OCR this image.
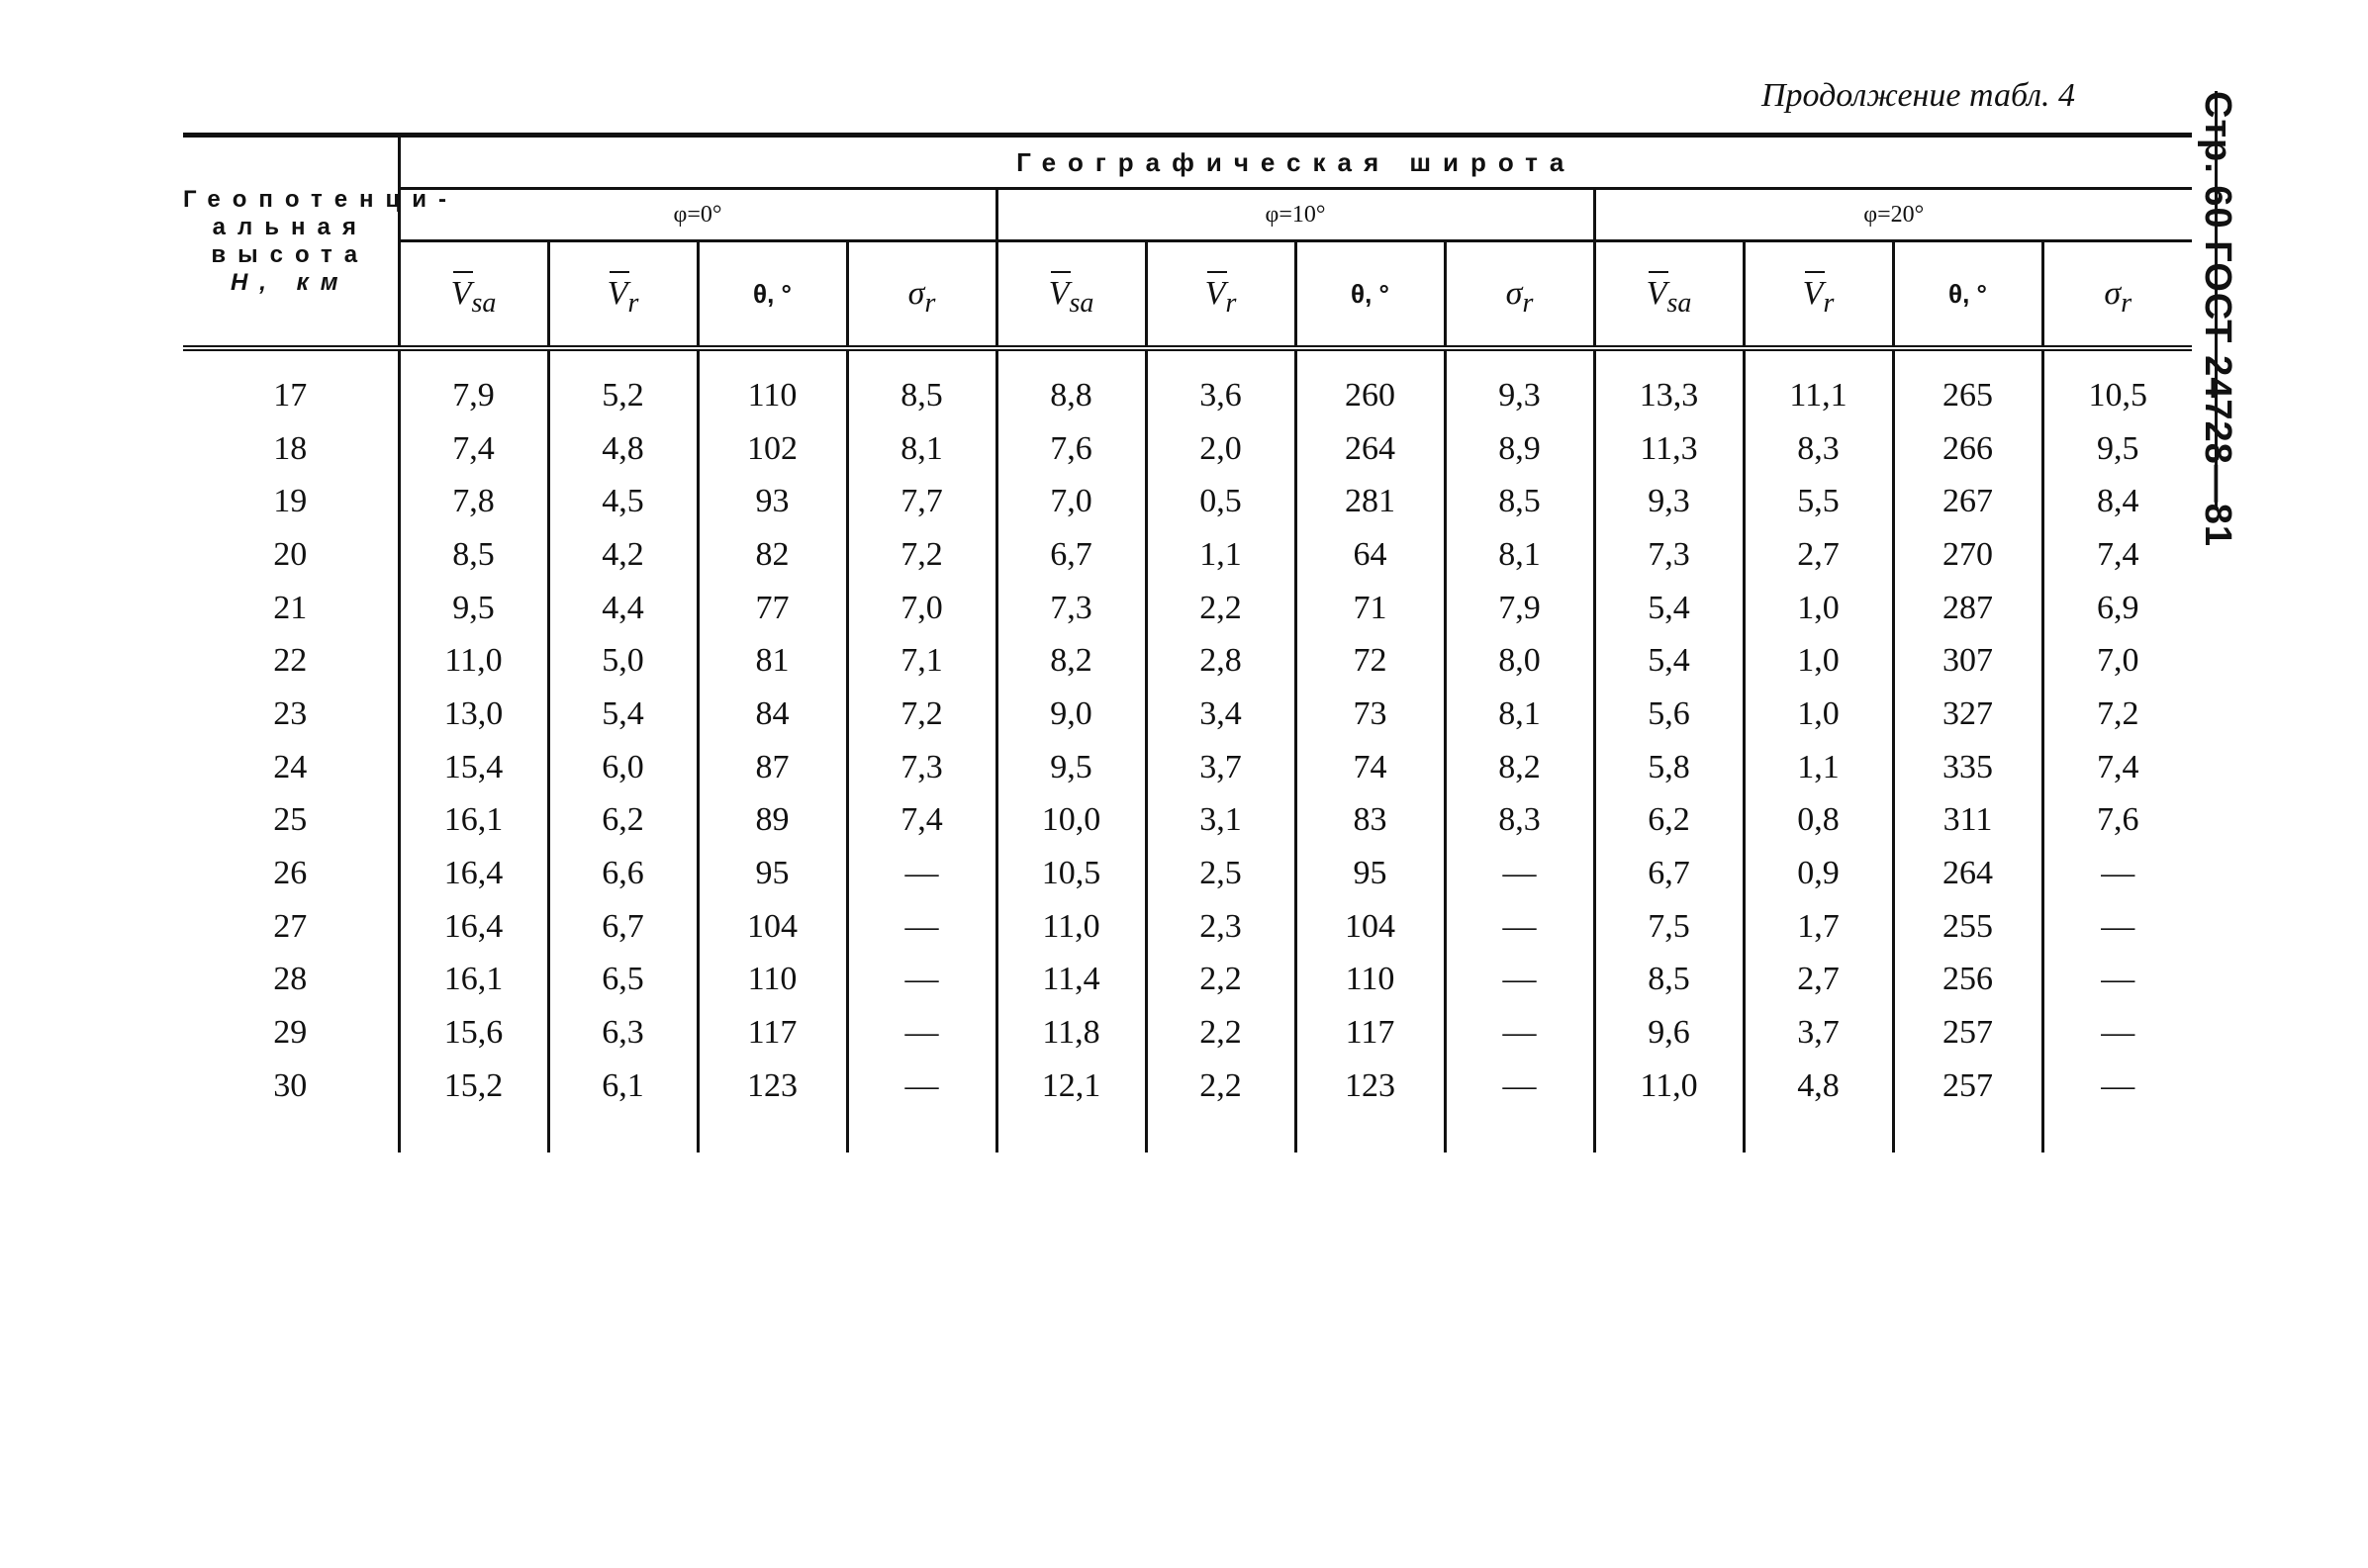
Продолжение табл. 4	Стр. 60 ГОСТ 24728—81

Геопотенци-
альная высота
H, км	Географическая широта											
	φ=0°				φ=10°				φ=20°			
	$V_{sa}$	$V_r$	θ, °	$\sigma_r$	$V_{sa}$	$V_r$	θ, °	$\sigma_r$	$V_{sa}$	$V_r$	θ, °	$\sigma_r$

17	7,9	5,2	110	8,5	8,8	3,6	260	9,3	13,3	11,1	265	10,5
18	7,4	4,8	102	8,1	7,6	2,0	264	8,9	11,3	8,3	266	9,5
19	7,8	4,5	93	7,7	7,0	0,5	281	8,5	9,3	5,5	267	8,4
20	8,5	4,2	82	7,2	6,7	1,1	64	8,1	7,3	2,7	270	7,4
21	9,5	4,4	77	7,0	7,3	2,2	71	7,9	5,4	1,0	287	6,9
22	11,0	5,0	81	7,1	8,2	2,8	72	8,0	5,4	1,0	307	7,0
23	13,0	5,4	84	7,2	9,0	3,4	73	8,1	5,6	1,0	327	7,2
24	15,4	6,0	87	7,3	9,5	3,7	74	8,2	5,8	1,1	335	7,4
25	16,1	6,2	89	7,4	10,0	3,1	83	8,3	6,2	0,8	311	7,6
26	16,4	6,6	95	—	10,5	2,5	95	—	6,7	0,9	264	—
27	16,4	6,7	104	—	11,0	2,3	104	—	7,5	1,7	255	—
28	16,1	6,5	110	—	11,4	2,2	110	—	8,5	2,7	256	—
29	15,6	6,3	117	—	11,8	2,2	117	—	9,6	3,7	257	—
30	15,2	6,1	123	—	12,1	2,2	123	—	11,0	4,8	257	—
